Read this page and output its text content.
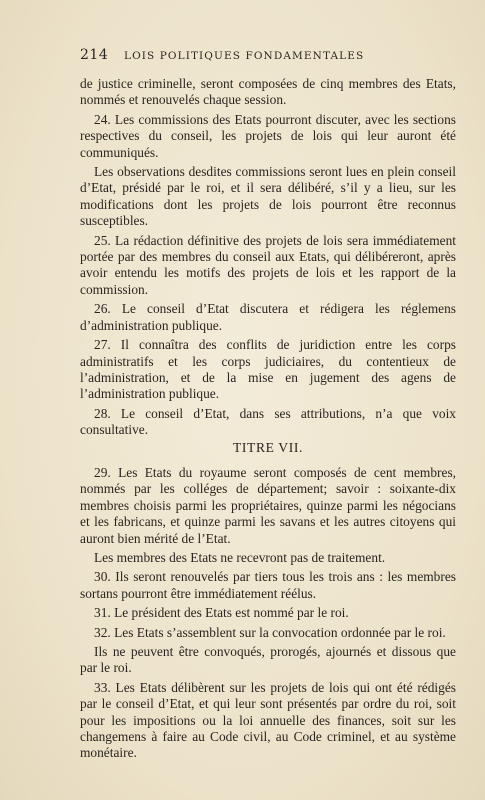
214 LOIS POLITIQUES FONDAMENTALES

de justice criminelle, seront composées de cinq membres des Etats, nommés et renouvelés chaque session.

24. Les commissions des Etats pourront discuter, avec les sections respectives du conseil, les projets de lois qui leur auront été communiqués.

Les observations desdites commissions seront lues en plein conseil d’Etat, présidé par le roi, et il sera délibéré, s’il y a lieu, sur les modifications dont les projets de lois pourront être reconnus susceptibles.

25. La rédaction définitive des projets de lois sera immédiatement portée par des membres du conseil aux Etats, qui délibéreront, après avoir entendu les motifs des projets de lois et les rapport de la commission.

26. Le conseil d’Etat discutera et rédigera les réglemens d’administration publique.

27. Il connaîtra des conflits de juridiction entre les corps administratifs et les corps judiciaires, du contentieux de l’administration, et de la mise en jugement des agens de l’administration publique.

28. Le conseil d’Etat, dans ses attributions, n’a que voix consultative.

TITRE VII.

29. Les Etats du royaume seront composés de cent membres, nommés par les colléges de département; savoir : soixante-dix membres choisis parmi les propriétaires, quinze parmi les négocians et les fabricans, et quinze parmi les savans et les autres citoyens qui auront bien mérité de l’Etat.

Les membres des Etats ne recevront pas de traitement.

30. Ils seront renouvelés par tiers tous les trois ans : les membres sortans pourront être immédiatement réélus.

31. Le président des Etats est nommé par le roi.

32. Les Etats s’assemblent sur la convocation ordonnée par le roi.

Ils ne peuvent être convoqués, prorogés, ajournés et dissous que par le roi.

33. Les Etats délibèrent sur les projets de lois qui ont été rédigés par le conseil d’Etat, et qui leur sont présentés par ordre du roi, soit pour les impositions ou la loi annuelle des finances, soit sur les changemens à faire au Code civil, au Code criminel, et au système monétaire.
